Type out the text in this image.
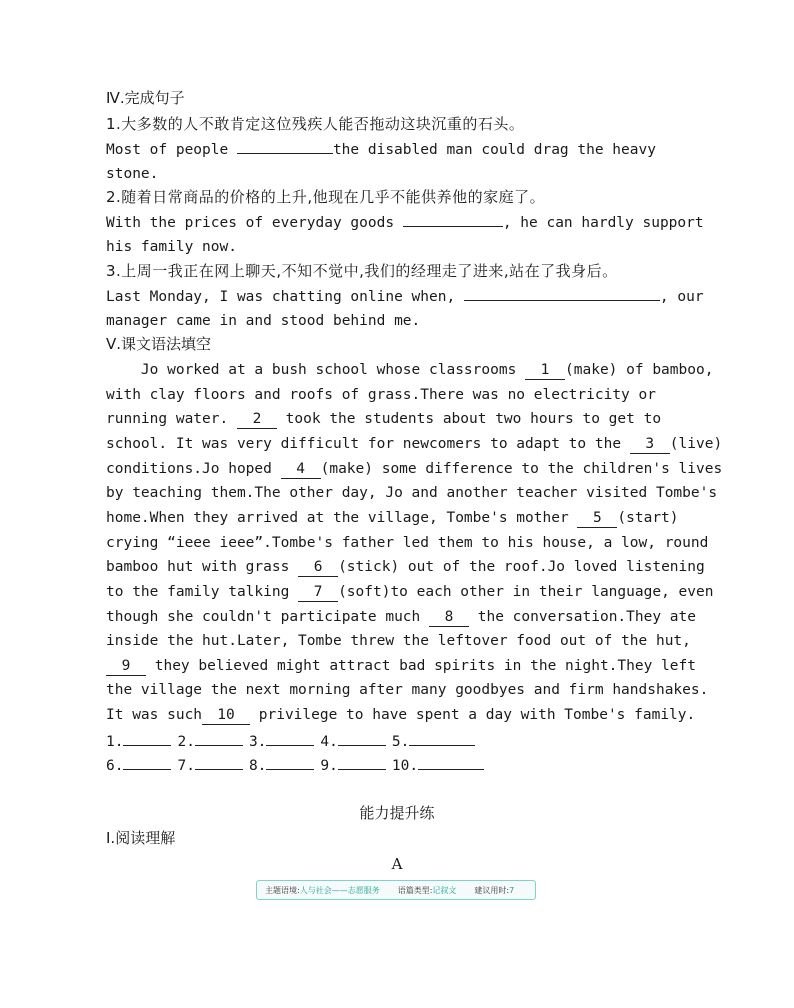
Ⅳ.完成句子
1.大多数的人不敢肯定这位残疾人能否拖动这块沉重的石头。
Most of people	the disabled man could drag the heavy
stone.
2.随着日常商品的价格的上升,他现在几乎不能供养他的家庭了。
With the prices of everyday goods	, he can hardly support
his family now.
3.上周一我正在网上聊天,不知不觉中,我们的经理走了进来,站在了我身后。
Last Monday, I was chatting online when,	, our
manager came in and stood behind me.
Ⅴ.课文语法填空
Jo worked at a bush school whose classrooms 1 (make) of bamboo,
with clay floors and roofs of grass.There was no electricity or
running water. 2 took the students about two hours to get to
school. It was very difficult for newcomers to adapt to the 3 (live)
conditions.Jo hoped 4 (make) some difference to the children's lives
by teaching them.The other day, Jo and another teacher visited Tombe's
home.When they arrived at the village, Tombe's mother 5 (start)
crying “ieee ieee”.Tombe's father led them to his house, a low, round
bamboo hut with grass 6 (stick) out of the roof.Jo loved listening
to the family talking 7 (soft)to each other in their language, even
though she couldn't participate much 8 the conversation.They ate
inside the hut.Later, Tombe threw the leftover food out of the hut,
9 they believed might attract bad spirits in the night.They left
the village the next morning after many goodbyes and firm handshakes.
It was such 10 privilege to have spent a day with Tombe's family.
1.	2.	3.	4.	5.
6.	7.	8.	9.	10.
能力提升练
Ⅰ.阅读理解
A
主题语境:人与社会——志愿服务 语篇类型:记叙文 建议用时:7
